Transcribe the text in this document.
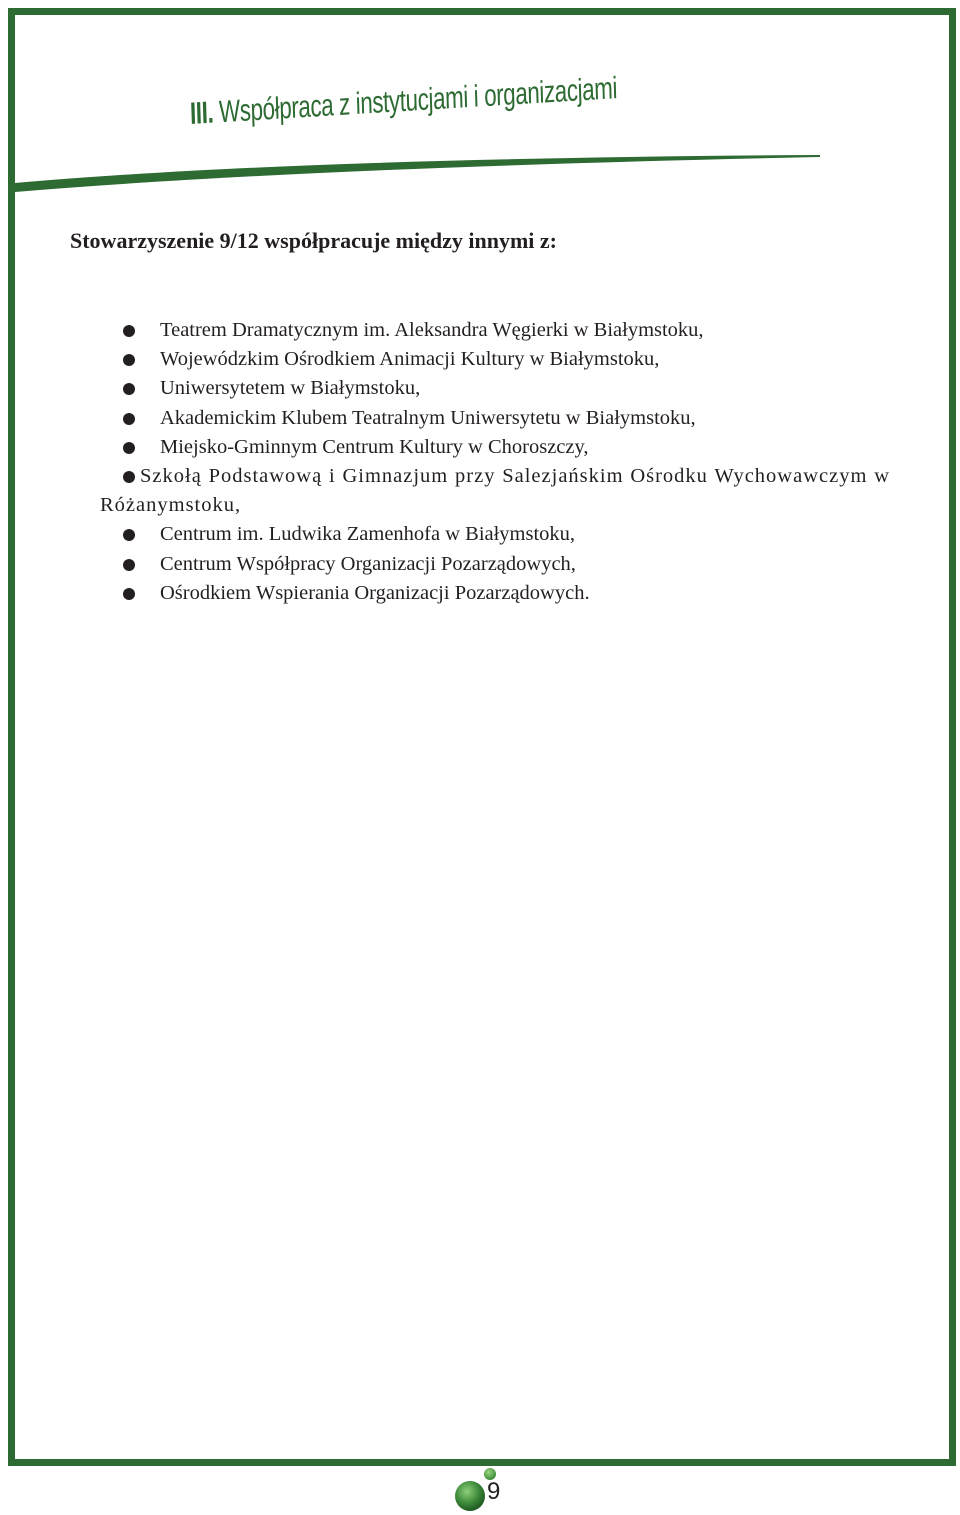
III. Współpraca z instytucjami i organizacjami
Stowarzyszenie 9/12 współpracuje między innymi z:
Teatrem Dramatycznym im. Aleksandra Węgierki w Białymstoku,
Wojewódzkim Ośrodkiem Animacji Kultury w Białymstoku,
Uniwersytetem w Białymstoku,
Akademickim Klubem Teatralnym Uniwersytetu w Białymstoku,
Miejsko-Gminnym Centrum Kultury w Choroszczy,
Szkołą Podstawową i Gimnazjum przy Salezjańskim Ośrodku Wychowawczym w Różanymstoku,
Centrum im. Ludwika Zamenhofa w Białymstoku,
Centrum Współpracy Organizacji Pozarządowych,
Ośrodkiem Wspierania Organizacji Pozarządowych.
9
